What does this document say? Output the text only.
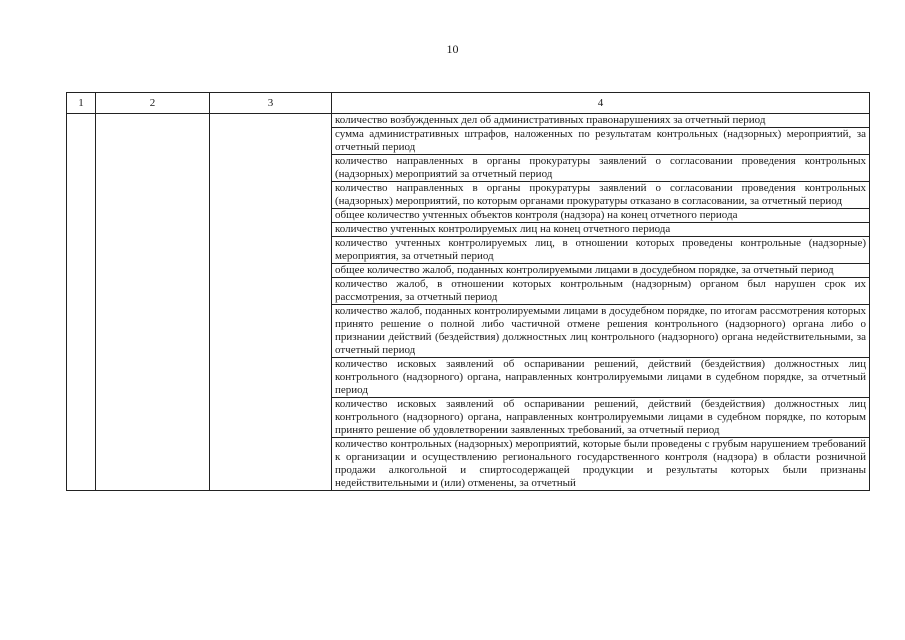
10
1	2	3	4
			количество возбужденных дел об административных правонарушениях за отчетный период
			сумма административных штрафов, наложенных по результатам контрольных (надзорных) мероприятий, за отчетный период
			количество направленных в органы прокуратуры заявлений о согласовании проведения контрольных (надзорных) мероприятий за отчетный период
			количество направленных в органы прокуратуры заявлений о согласовании проведения контрольных (надзорных) мероприятий, по которым органами прокуратуры отказано в согласовании, за отчетный период
			общее количество учтенных объектов контроля (надзора) на конец отчетного периода
			количество учтенных контролируемых лиц на конец отчетного периода
			количество учтенных контролируемых лиц, в отношении которых проведены контрольные (надзорные) мероприятия, за отчетный период
			общее количество жалоб, поданных контролируемыми лицами в досудебном порядке, за отчетный период
			количество жалоб, в отношении которых контрольным (надзорным) органом был нарушен срок их рассмотрения, за отчетный период
			количество жалоб, поданных контролируемыми лицами в досудебном порядке, по итогам рассмотрения которых принято решение о полной либо частичной отмене решения контрольного (надзорного) органа либо о признании действий (бездействия) должностных лиц контрольного (надзорного) органа недействительными, за отчетный период
			количество исковых заявлений об оспаривании решений, действий (бездействия) должностных лиц контрольного (надзорного) органа, направленных контролируемыми лицами в судебном порядке, за отчетный период
			количество исковых заявлений об оспаривании решений, действий (бездействия) должностных лиц контрольного (надзорного) органа, направленных контролируемыми лицами в судебном порядке, по которым принято решение об удовлетворении заявленных требований, за отчетный период
			количество контрольных (надзорных) мероприятий, которые были проведены с грубым нарушением требований к организации и осуществлению регионального государственного контроля (надзора) в области розничной продажи алкогольной и спиртосодержащей продукции и результаты которых были признаны недействительными и (или) отменены, за отчетный
